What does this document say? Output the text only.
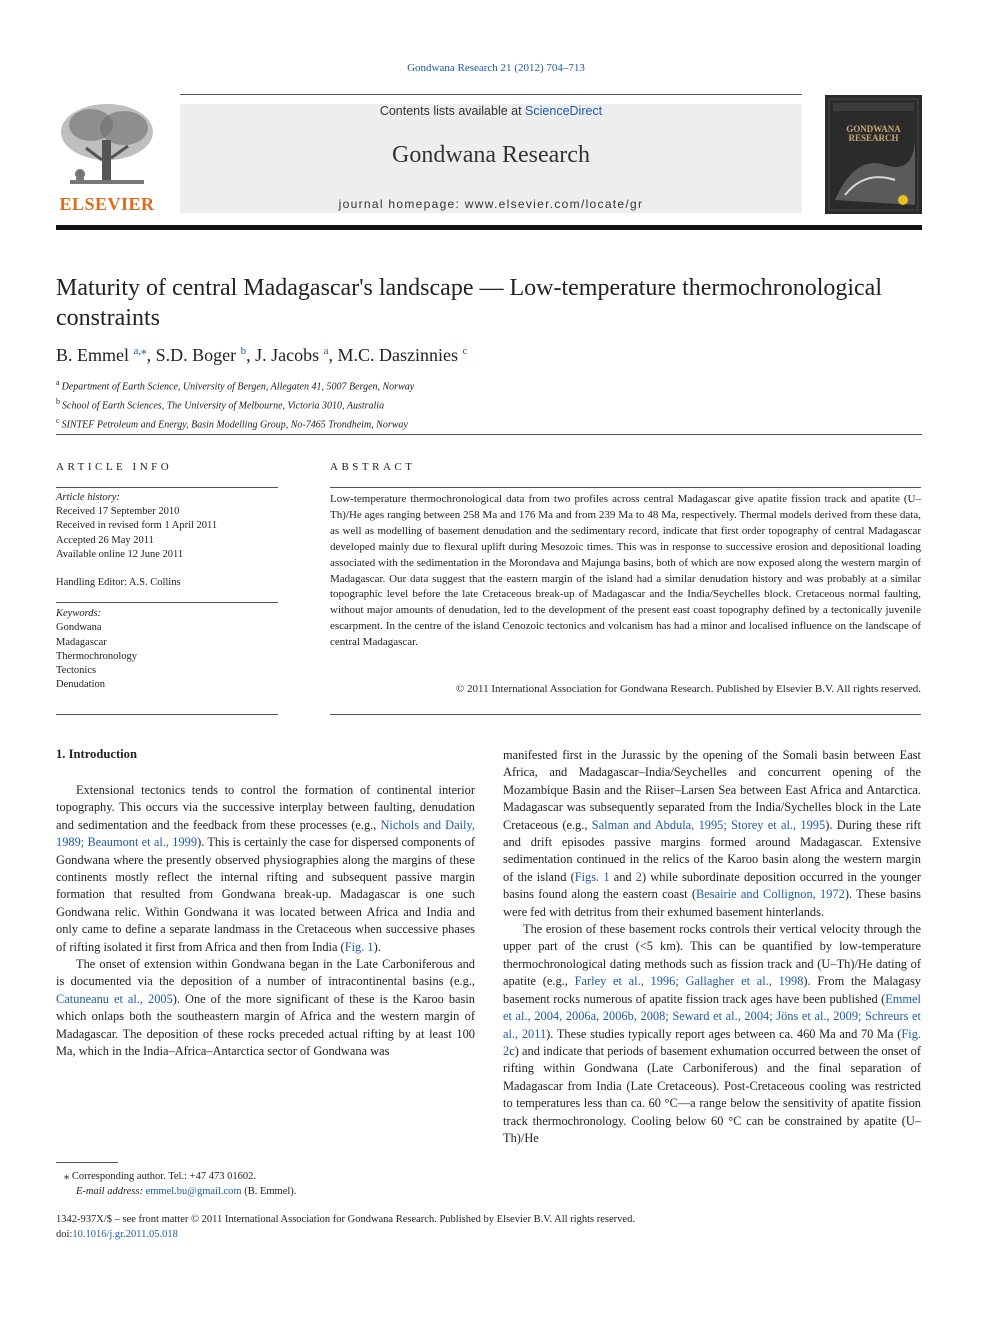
Gondwana Research 21 (2012) 704–713
ELSEVIER
Contents lists available at ScienceDirect
Gondwana Research
journal homepage: www.elsevier.com/locate/gr
GONDWANA RESEARCH
Maturity of central Madagascar's landscape — Low-temperature thermochronological constraints
B. Emmel $^{a,⁎}$, S.D. Boger $^b$, J. Jacobs $^a$, M.C. Daszinnies $^c$
$^a$ Department of Earth Science, University of Bergen, Allegaten 41, 5007 Bergen, Norway
$^b$ School of Earth Sciences, The University of Melbourne, Victoria 3010, Australia
$^c$ SINTEF Petroleum and Energy, Basin Modelling Group, No-7465 Trondheim, Norway
ARTICLE INFO
Article history:
Received 17 September 2010
Received in revised form 1 April 2011
Accepted 26 May 2011
Available online 12 June 2011
Handling Editor: A.S. Collins
Keywords:
Gondwana
Madagascar
Thermochronology
Tectonics
Denudation
ABSTRACT
Low-temperature thermochronological data from two profiles across central Madagascar give apatite fission track and apatite (U–Th)/He ages ranging between 258 Ma and 176 Ma and from 239 Ma to 48 Ma, respectively. Thermal models derived from these data, as well as modelling of basement denudation and the sedimentary record, indicate that first order topography of central Madagascar developed mainly due to flexural uplift during Mesozoic times. This was in response to successive erosion and depositional loading associated with the sedimentation in the Morondava and Majunga basins, both of which are now exposed along the western margin of Madagascar. Our data suggest that the eastern margin of the island had a similar denudation history and was probably at a similar topographic level before the late Cretaceous break-up of Madagascar and the India/Seychelles block. Cretaceous normal faulting, without major amounts of denudation, led to the development of the present east coast topography defined by a tectonically juvenile escarpment. In the centre of the island Cenozoic tectonics and volcanism has had a minor and localised influence on the landscape of central Madagascar.
© 2011 International Association for Gondwana Research. Published by Elsevier B.V. All rights reserved.
1. Introduction

Extensional tectonics tends to control the formation of continental interior topography. This occurs via the successive interplay between faulting, denudation and sedimentation and the feedback from these processes (e.g., Nichols and Daily, 1989; Beaumont et al., 1999). This is certainly the case for dispersed components of Gondwana where the presently observed physiographies along the margins of these continents mostly reflect the internal rifting and subsequent passive margin formation that resulted from Gondwana break-up. Madagascar is one such Gondwana relic. Within Gondwana it was located between Africa and India and only came to define a separate landmass in the Cretaceous when successive phases of rifting isolated it first from Africa and then from India (Fig. 1).

The onset of extension within Gondwana began in the Late Carboniferous and is documented via the deposition of a number of intracontinental basins (e.g., Catuneanu et al., 2005). One of the more significant of these is the Karoo basin which onlaps both the southeastern margin of Africa and the western margin of Madagascar. The deposition of these rocks preceded actual rifting by at least 100 Ma, which in the India–Africa–Antarctica sector of Gondwana was

manifested first in the Jurassic by the opening of the Somali basin between East Africa, and Madagascar–India/Seychelles and concurrent opening of the Mozambique Basin and the Riiser–Larsen Sea between East Africa and Antarctica. Madagascar was subsequently separated from the India/Sychelles block in the Late Cretaceous (e.g., Salman and Abdula, 1995; Storey et al., 1995). During these rift and drift episodes passive margins formed around Madagascar. Extensive sedimentation continued in the relics of the Karoo basin along the western margin of the island (Figs. 1 and 2) while subordinate deposition occurred in the younger basins found along the eastern coast (Besairie and Collignon, 1972). These basins were fed with detritus from their exhumed basement hinterlands.

The erosion of these basement rocks controls their vertical velocity through the upper part of the crust (<5 km). This can be quantified by low-temperature thermochronological dating methods such as fission track and (U–Th)/He dating of apatite (e.g., Farley et al., 1996; Gallagher et al., 1998). From the Malagasy basement rocks numerous of apatite fission track ages have been published (Emmel et al., 2004, 2006a, 2006b, 2008; Seward et al., 2004; Jöns et al., 2009; Schreurs et al., 2011). These studies typically report ages between ca. 460 Ma and 70 Ma (Fig. 2c) and indicate that periods of basement exhumation occurred between the onset of rifting within Gondwana (Late Carboniferous) and the final separation of Madagascar from India (Late Cretaceous). Post-Cretaceous cooling was restricted to temperatures less than ca. 60 °C—a range below the sensitivity of apatite fission track thermochronology. Cooling below 60 °C can be constrained by apatite (U–Th)/He

⁎ Corresponding author. Tel.: +47 473 01602.
E-mail address: emmel.bu@gmail.com (B. Emmel).
1342-937X/$ – see front matter © 2011 International Association for Gondwana Research. Published by Elsevier B.V. All rights reserved.
doi:10.1016/j.gr.2011.05.018
